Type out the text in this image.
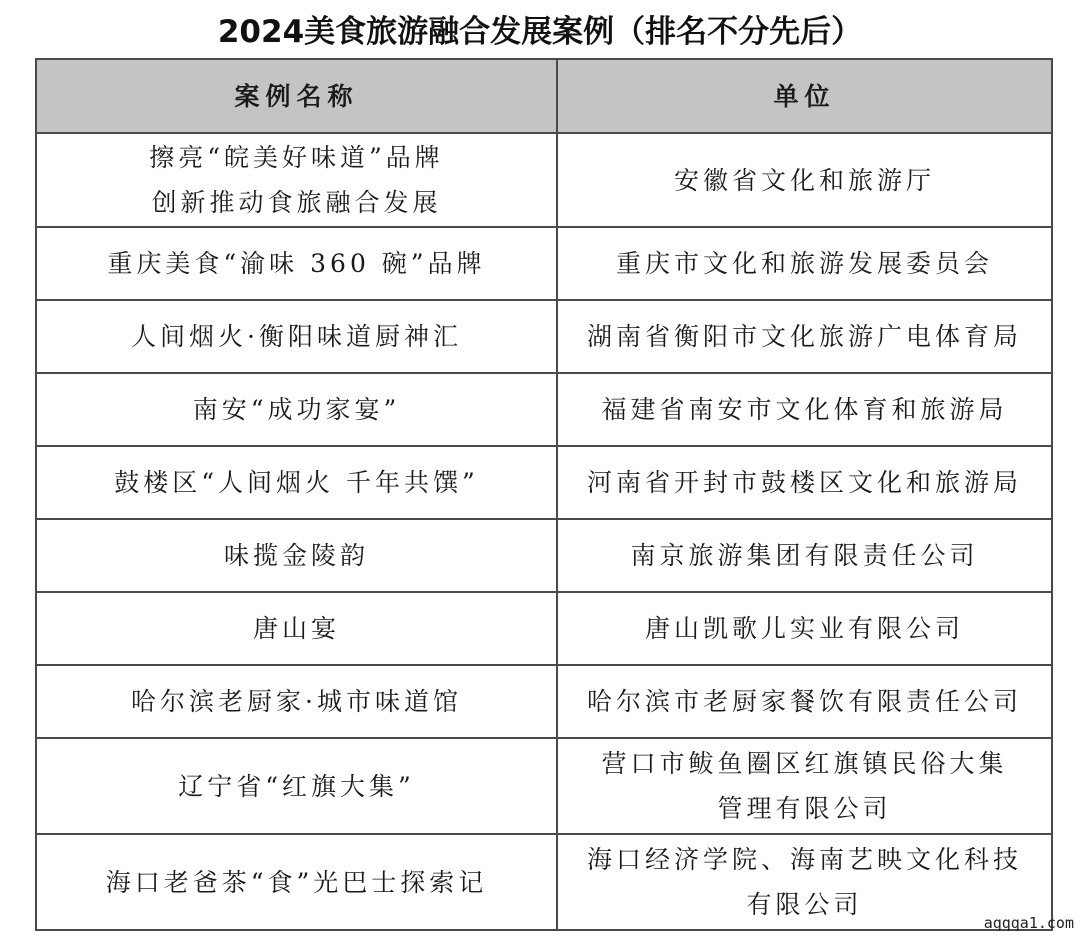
2024美食旅游融合发展案例（排名不分先后）
案例名称	单位

擦亮“皖美好味道”品牌
创新推动食旅融合发展	安徽省文化和旅游厅

重庆美食“渝味 360 碗”品牌	重庆市文化和旅游发展委员会

人间烟火·衡阳味道厨神汇	湖南省衡阳市文化旅游广电体育局

南安“成功家宴”	福建省南安市文化体育和旅游局

鼓楼区“人间烟火 千年共馔”	河南省开封市鼓楼区文化和旅游局

味揽金陵韵	南京旅游集团有限责任公司

唐山宴	唐山凯歌儿实业有限公司

哈尔滨老厨家·城市味道馆	哈尔滨市老厨家餐饮有限责任公司

辽宁省“红旗大集”	营口市鲅鱼圈区红旗镇民俗大集
管理有限公司

海口老爸茶“食”光巴士探索记	海口经济学院、海南艺映文化科技
有限公司
aqqqa1.com
